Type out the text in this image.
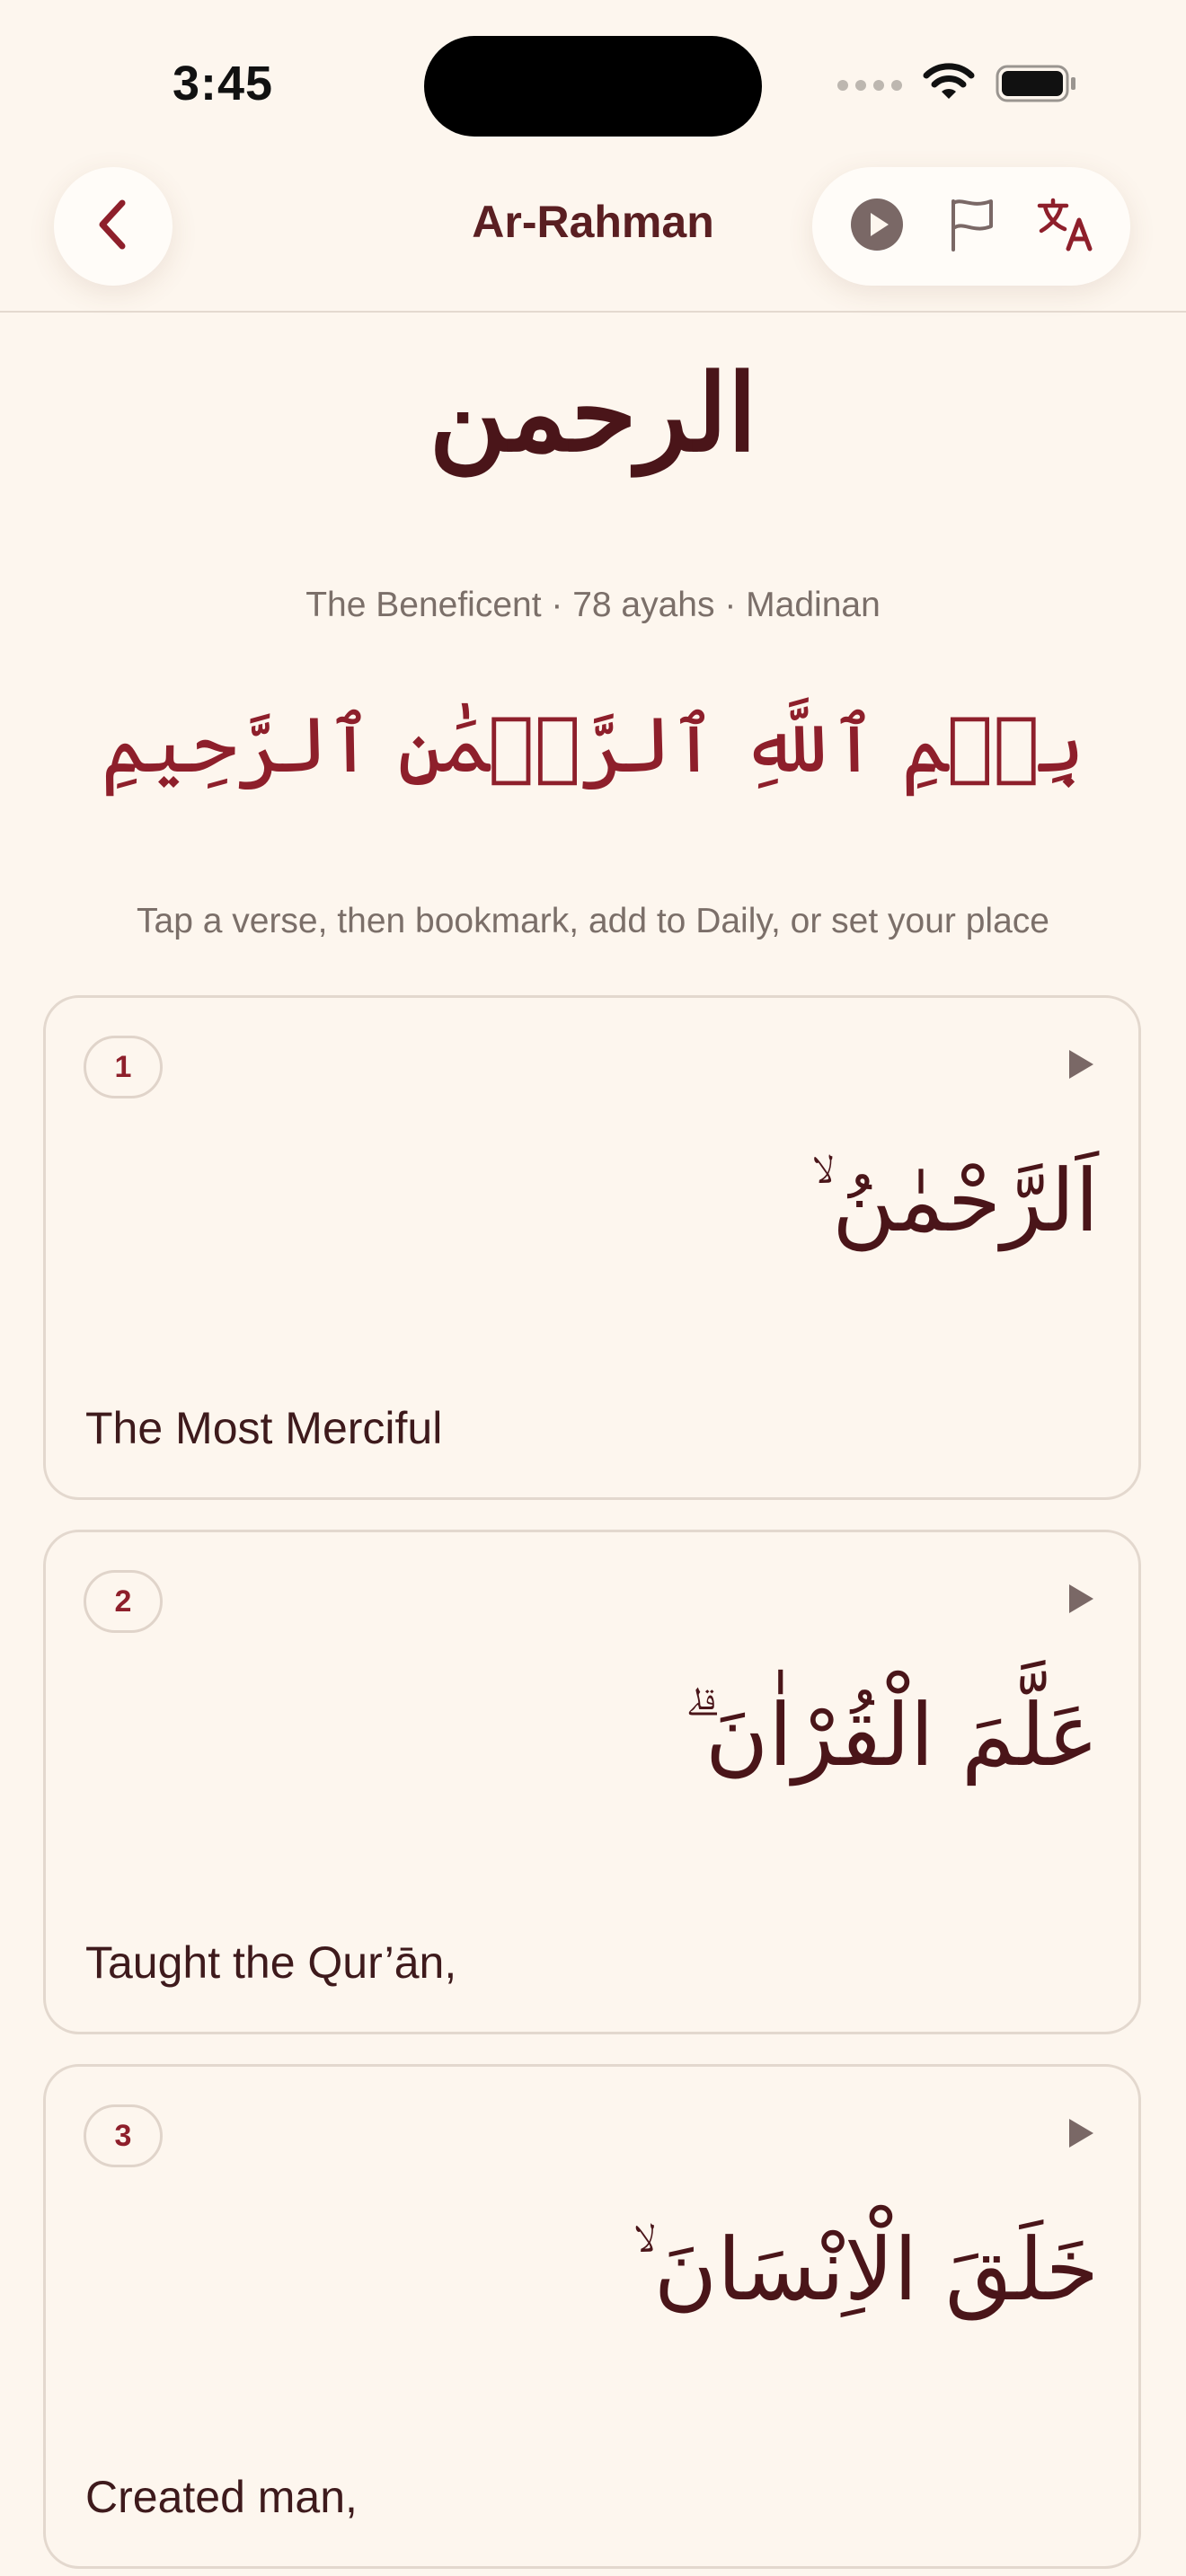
3:45
Ar-Rahman
الرحمن
The Beneficent · 78 ayahs · Madinan
بِسۡمِ ٱللَّهِ ٱلرَّحۡمَٰنِ ٱلرَّحِيمِ
Tap a verse, then bookmark, add to Daily, or set your place
1
اَلرَّحْمٰنُ ۙ
The Most Merciful
2
عَلَّمَ الْقُرْاٰنَ ۗ
Taught the Qur’ān,
3
خَلَقَ الْاِنْسَانَ ۙ
Created man,
